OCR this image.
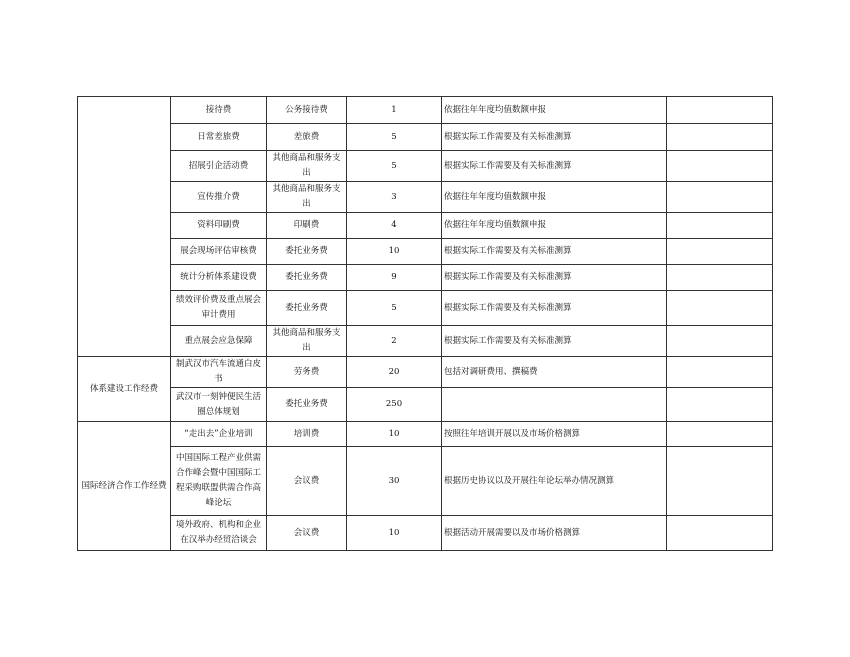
	接待费	公务接待费	1	依据往年年度均值数额申报	
	日常差旅费	差旅费	5	根据实际工作需要及有关标准测算	
	招展引企活动费	其他商品和服务支出	5	根据实际工作需要及有关标准测算	
	宣传推介费	其他商品和服务支出	3	依据往年年度均值数额申报	
	资料印刷费	印刷费	4	依据往年年度均值数额申报	
	展会现场评估审核费	委托业务费	10	根据实际工作需要及有关标准测算	
	统计分析体系建设费	委托业务费	9	根据实际工作需要及有关标准测算	
	绩效评价费及重点展会审计费用	委托业务费	5	根据实际工作需要及有关标准测算	
	重点展会应急保障	其他商品和服务支出	2	根据实际工作需要及有关标准测算	
体系建设工作经费	制武汉市汽车流通白皮书	劳务费	20	包括对调研费用、撰稿费	
	武汉市一刻钟便民生活圈总体规划	委托业务费	250		
国际经济合作工作经费	“走出去”企业培训	培训费	10	按照往年培训开展以及市场价格测算	
	中国国际工程产业供需合作峰会暨中国国际工程采购联盟供需合作高峰论坛	会议费	30	根据历史协议以及开展往年论坛举办情况测算	
	境外政府、机构和企业在汉举办经贸洽谈会	会议费	10	根据活动开展需要以及市场价格测算	
